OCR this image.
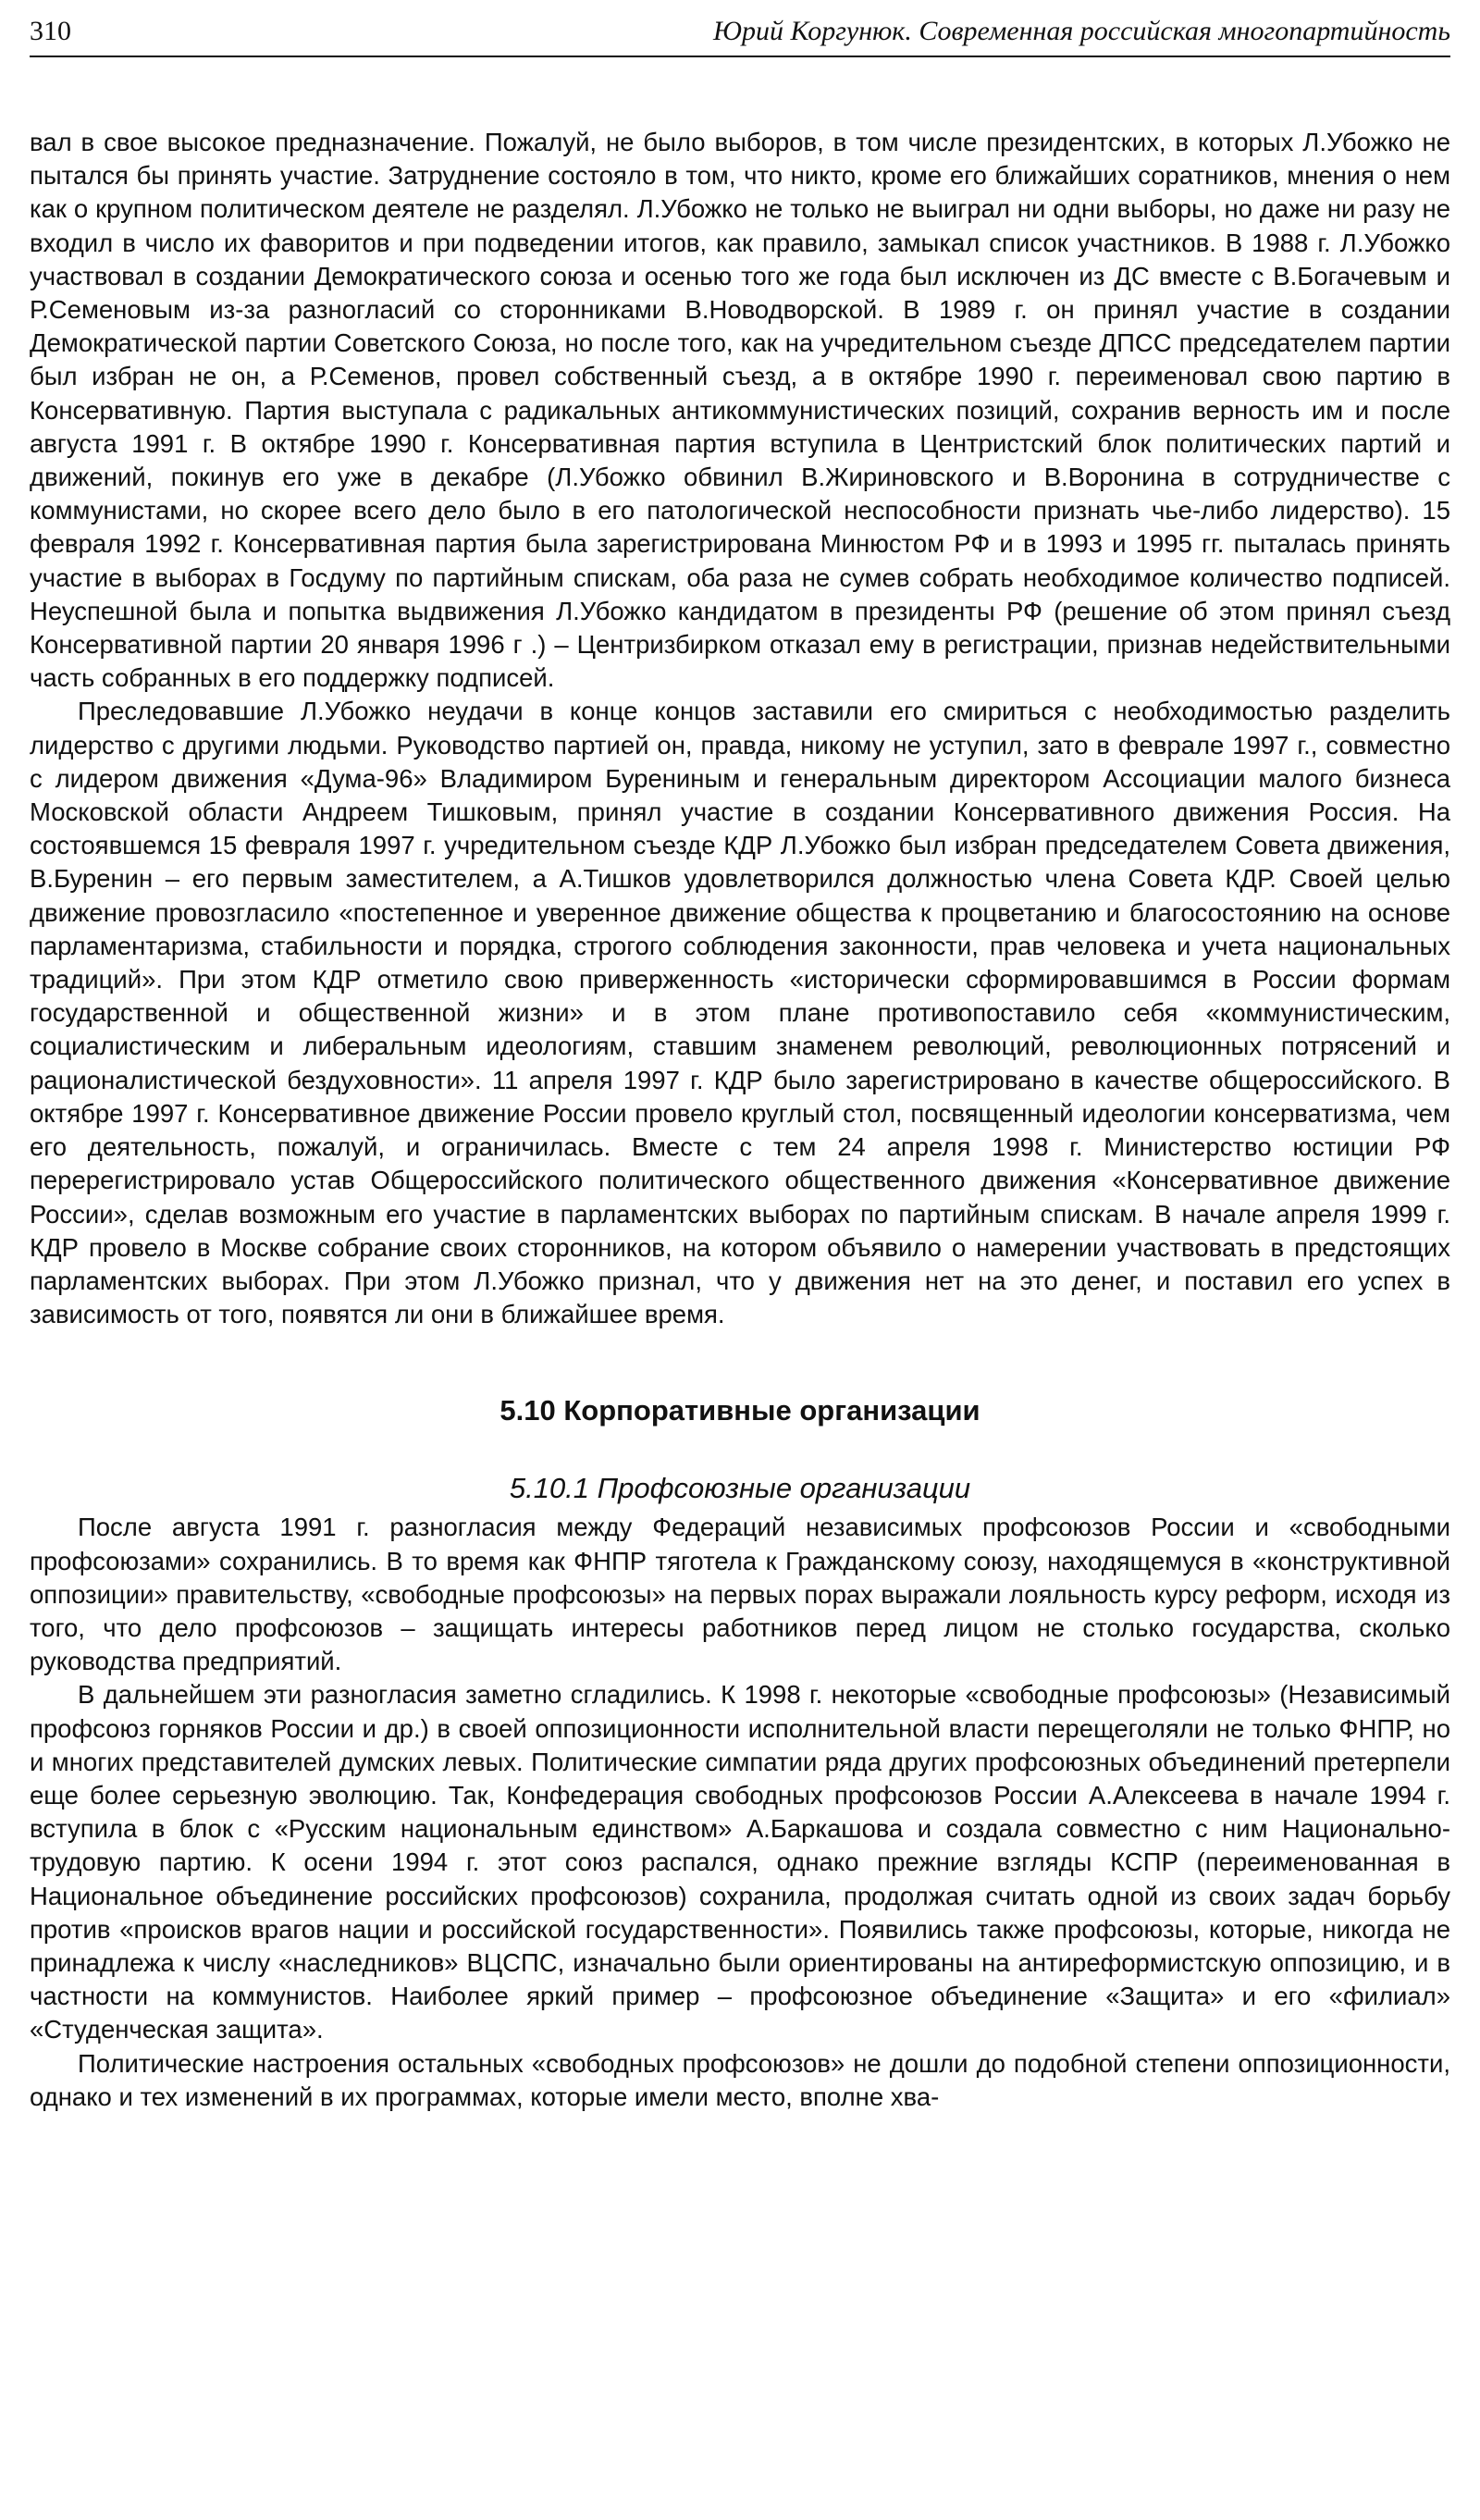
310	Юрий Коргунюк. Современная российская многопартийность

вал в свое высокое предназначение. Пожалуй, не было выборов, в том числе президентских, в которых Л.Убожко не пытался бы принять участие. Затруднение состояло в том, что никто, кроме его ближайших соратников, мнения о нем как о крупном политическом деятеле не разделял. Л.Убожко не только не выиграл ни одни выборы, но даже ни разу не входил в число их фаворитов и при подведении итогов, как правило, замыкал список участников. В 1988 г. Л.Убожко участвовал в создании Демократического союза и осенью того же года был исключен из ДС вместе с В.Богачевым и Р.Семеновым из-за разногласий со сторонниками В.Новодворской. В 1989 г. он принял участие в создании Демократической партии Советского Союза, но после того, как на учредительном съезде ДПСС председателем партии был избран не он, а Р.Семенов, провел собственный съезд, а в октябре 1990 г. переименовал свою партию в Консервативную. Партия выступала с радикальных антикоммунистических позиций, сохранив верность им и после августа 1991 г. В октябре 1990 г. Консервативная партия вступила в Центристский блок политических партий и движений, покинув его уже в декабре (Л.Убожко обвинил В.Жириновского и В.Воронина в сотрудничестве с коммунистами, но скорее всего дело было в его патологической неспособности признать чье-либо лидерство). 15 февраля 1992 г. Консервативная партия была зарегистрирована Минюстом РФ и в 1993 и 1995 гг. пыталась принять участие в выборах в Госдуму по партийным спискам, оба раза не сумев собрать необходимое количество подписей. Неуспешной была и попытка выдвижения Л.Убожко кандидатом в президенты РФ (решение об этом принял съезд Консервативной партии 20 января 1996 г .) – Центризбирком отказал ему в регистрации, признав недействительными часть собранных в его поддержку подписей.

Преследовавшие Л.Убожко неудачи в конце концов заставили его смириться с необходимостью разделить лидерство с другими людьми. Руководство партией он, правда, никому не уступил, зато в феврале 1997 г., совместно с лидером движения «Дума-96» Владимиром Бурениным и генеральным директором Ассоциации малого бизнеса Московской области Андреем Тишковым, принял участие в создании Консервативного движения Россия. На состоявшемся 15 февраля 1997 г. учредительном съезде КДР Л.Убожко был избран председателем Совета движения, В.Буренин – его первым заместителем, а А.Тишков удовлетворился должностью члена Совета КДР. Своей целью движение провозгласило «постепенное и уверенное движение общества к процветанию и благосостоянию на основе парламентаризма, стабильности и порядка, строгого соблюдения законности, прав человека и учета национальных традиций». При этом КДР отметило свою приверженность «исторически сформировавшимся в России формам государственной и общественной жизни» и в этом плане противопоставило себя «коммунистическим, социалистическим и либеральным идеологиям, ставшим знаменем революций, революционных потрясений и рационалистической бездуховности». 11 апреля 1997 г. КДР было зарегистрировано в качестве общероссийского. В октябре 1997 г. Консервативное движение России провело круглый стол, посвященный идеологии консерватизма, чем его деятельность, пожалуй, и ограничилась. Вместе с тем 24 апреля 1998 г. Министерство юстиции РФ перерегистрировало устав Общероссийского политического общественного движения «Консервативное движение России», сделав возможным его участие в парламентских выборах по партийным спискам. В начале апреля 1999 г. КДР провело в Москве собрание своих сторонников, на котором объявило о намерении участвовать в предстоящих парламентских выборах. При этом Л.Убожко признал, что у движения нет на это денег, и поставил его успех в зависимость от того, появятся ли они в ближайшее время.

5.10 Корпоративные организации
5.10.1 Профсоюзные организации

После августа 1991 г. разногласия между Федераций независимых профсоюзов России и «свободными профсоюзами» сохранились. В то время как ФНПР тяготела к Гражданскому союзу, находящемуся в «конструктивной оппозиции» правительству, «свободные профсоюзы» на первых порах выражали лояльность курсу реформ, исходя из того, что дело профсоюзов – защищать интересы работников перед лицом не столько государства, сколько руководства предприятий.

В дальнейшем эти разногласия заметно сгладились. К 1998 г. некоторые «свободные профсоюзы» (Независимый профсоюз горняков России и др.) в своей оппозиционности исполнительной власти перещеголяли не только ФНПР, но и многих представителей думских левых. Политические симпатии ряда других профсоюзных объединений претерпели еще более серьезную эволюцию. Так, Конфедерация свободных профсоюзов России А.Алексеева в начале 1994 г. вступила в блок с «Русским национальным единством» А.Баркашова и создала совместно с ним Национально-трудовую партию. К осени 1994 г. этот союз распался, однако прежние взгляды КСПР (переименованная в Национальное объединение российских профсоюзов) сохранила, продолжая считать одной из своих задач борьбу против «происков врагов нации и российской государственности». Появились также профсоюзы, которые, никогда не принадлежа к числу «наследников» ВЦСПС, изначально были ориентированы на антиреформистскую оппозицию, и в частности на коммунистов. Наиболее яркий пример – профсоюзное объединение «Защита» и его «филиал» «Студенческая защита».

Политические настроения остальных «свободных профсоюзов» не дошли до подобной степени оппозиционности, однако и тех изменений в их программах, которые имели место, вполне хва-
